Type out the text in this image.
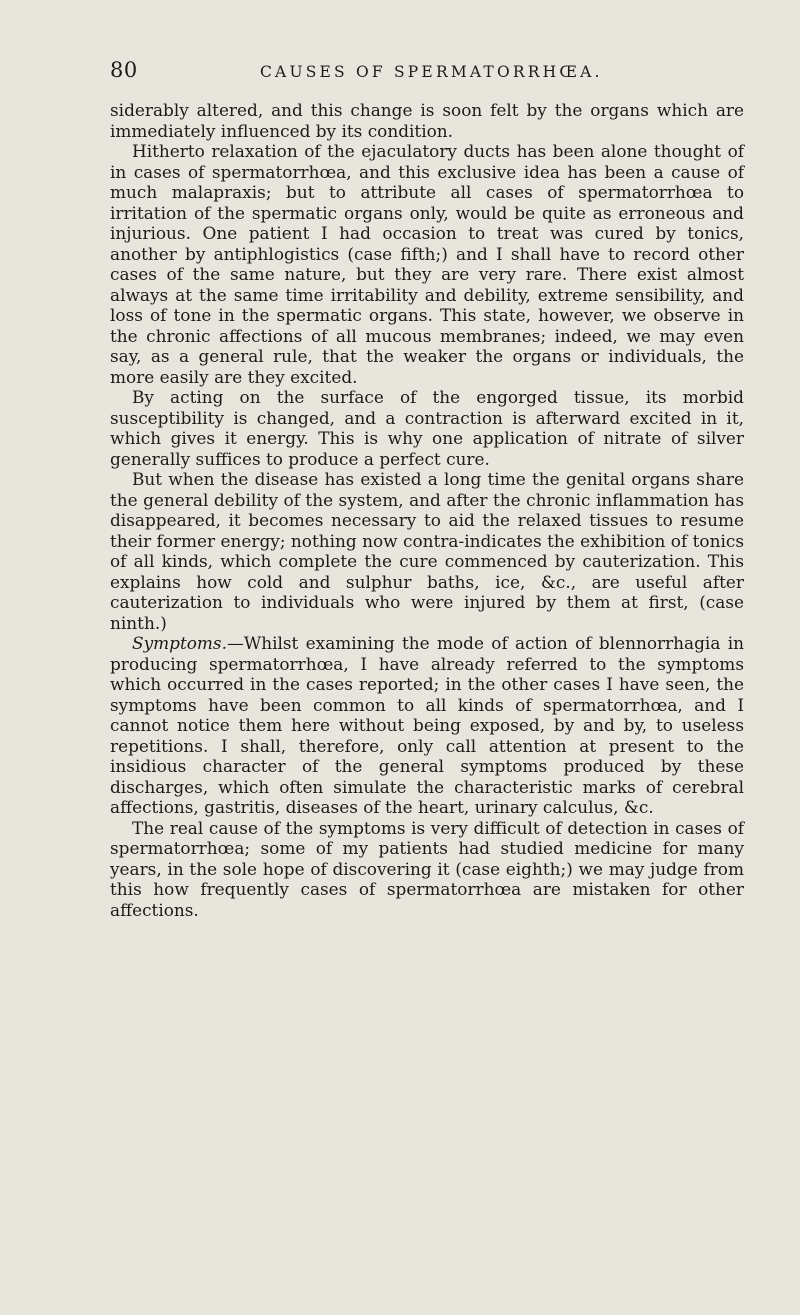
80	CAUSES OF SPERMATORRHŒA.

siderably altered, and this change is soon felt by the organs which are immediately influenced by its condition.

Hitherto relaxation of the ejaculatory ducts has been alone thought of in cases of spermatorrhœa, and this exclusive idea has been a cause of much malapraxis; but to attribute all cases of spermatorrhœa to irritation of the spermatic organs only, would be quite as erroneous and injurious. One patient I had occasion to treat was cured by tonics, another by antiphlogistics (case fifth;) and I shall have to record other cases of the same nature, but they are very rare. There exist almost always at the same time irritability and debility, extreme sensibility, and loss of tone in the spermatic organs. This state, however, we observe in the chronic affections of all mucous membranes; indeed, we may even say, as a general rule, that the weaker the organs or individuals, the more easily are they excited.

By acting on the surface of the engorged tissue, its morbid susceptibility is changed, and a contraction is afterward excited in it, which gives it energy. This is why one application of nitrate of silver generally suffices to produce a perfect cure.

But when the disease has existed a long time the genital organs share the general debility of the system, and after the chronic inflammation has disappeared, it becomes necessary to aid the relaxed tissues to resume their former energy; nothing now contra-indicates the exhibition of tonics of all kinds, which complete the cure commenced by cauterization. This explains how cold and sulphur baths, ice, &c., are useful after cauterization to individuals who were injured by them at first, (case ninth.)

Symptoms.—Whilst examining the mode of action of blennorrhagia in producing spermatorrhœa, I have already referred to the symptoms which occurred in the cases reported; in the other cases I have seen, the symptoms have been common to all kinds of spermatorrhœa, and I cannot notice them here without being exposed, by and by, to useless repetitions. I shall, therefore, only call attention at present to the insidious character of the general symptoms produced by these discharges, which often simulate the characteristic marks of cerebral affections, gastritis, diseases of the heart, urinary calculus, &c.

The real cause of the symptoms is very difficult of detection in cases of spermatorrhœa; some of my patients had studied medicine for many years, in the sole hope of discovering it (case eighth;) we may judge from this how frequently cases of spermatorrhœa are mistaken for other affections.
